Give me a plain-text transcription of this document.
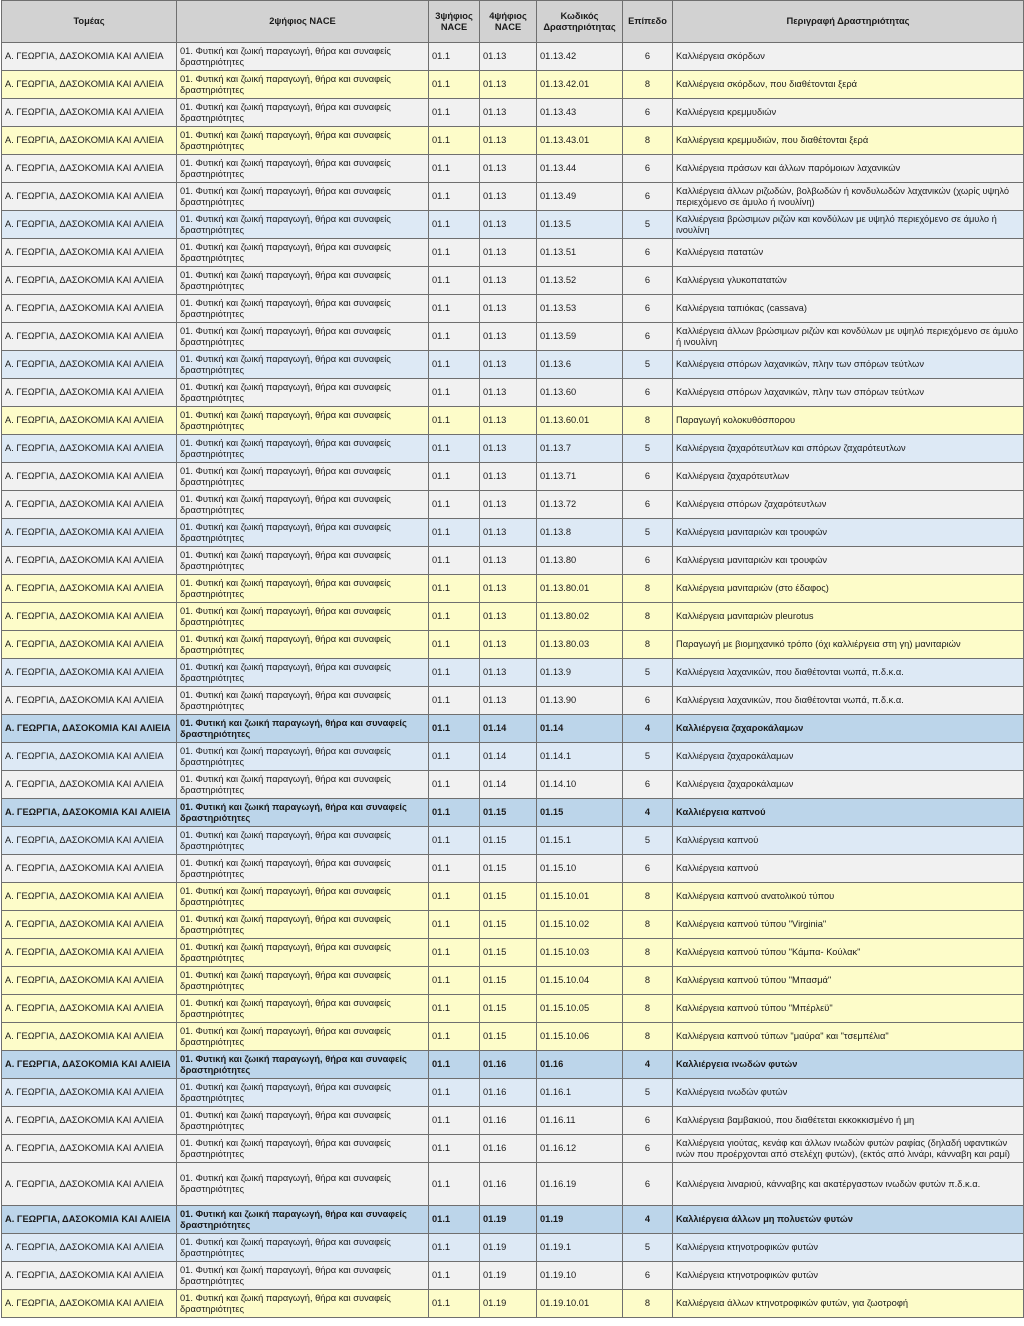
Τομέας	2ψήφιος NACE	3ψήφιος NACE	4ψήφιος NACE	Κωδικός Δραστηριότητας	Επίπεδο	Περιγραφή Δραστηριότητας
Α. ΓΕΩΡΓΙΑ, ΔΑΣΟΚΟΜΙΑ ΚΑΙ ΑΛΙΕΙΑ	01. Φυτική και ζωική παραγωγή, θήρα και συναφείς δραστηριότητες	01.1	01.13	01.13.42	6	Καλλιέργεια σκόρδων
Α. ΓΕΩΡΓΙΑ, ΔΑΣΟΚΟΜΙΑ ΚΑΙ ΑΛΙΕΙΑ	01. Φυτική και ζωική παραγωγή, θήρα και συναφείς δραστηριότητες	01.1	01.13	01.13.42.01	8	Καλλιέργεια σκόρδων, που διαθέτονται ξερά
Α. ΓΕΩΡΓΙΑ, ΔΑΣΟΚΟΜΙΑ ΚΑΙ ΑΛΙΕΙΑ	01. Φυτική και ζωική παραγωγή, θήρα και συναφείς δραστηριότητες	01.1	01.13	01.13.43	6	Καλλιέργεια κρεμμυδιών
Α. ΓΕΩΡΓΙΑ, ΔΑΣΟΚΟΜΙΑ ΚΑΙ ΑΛΙΕΙΑ	01. Φυτική και ζωική παραγωγή, θήρα και συναφείς δραστηριότητες	01.1	01.13	01.13.43.01	8	Καλλιέργεια κρεμμυδιών, που διαθέτονται ξερά
Α. ΓΕΩΡΓΙΑ, ΔΑΣΟΚΟΜΙΑ ΚΑΙ ΑΛΙΕΙΑ	01. Φυτική και ζωική παραγωγή, θήρα και συναφείς δραστηριότητες	01.1	01.13	01.13.44	6	Καλλιέργεια πράσων και άλλων παρόμοιων λαχανικών
Α. ΓΕΩΡΓΙΑ, ΔΑΣΟΚΟΜΙΑ ΚΑΙ ΑΛΙΕΙΑ	01. Φυτική και ζωική παραγωγή, θήρα και συναφείς δραστηριότητες	01.1	01.13	01.13.49	6	Καλλιέργεια άλλων ριζωδών, βολβωδών ή κονδυλωδών λαχανικών (χωρίς υψηλό περιεχόμενο σε άμυλο ή ινουλίνη)
Α. ΓΕΩΡΓΙΑ, ΔΑΣΟΚΟΜΙΑ ΚΑΙ ΑΛΙΕΙΑ	01. Φυτική και ζωική παραγωγή, θήρα και συναφείς δραστηριότητες	01.1	01.13	01.13.5	5	Καλλιέργεια βρώσιμων ριζών και κονδύλων με υψηλό περιεχόμενο σε άμυλο ή ινουλίνη
Α. ΓΕΩΡΓΙΑ, ΔΑΣΟΚΟΜΙΑ ΚΑΙ ΑΛΙΕΙΑ	01. Φυτική και ζωική παραγωγή, θήρα και συναφείς δραστηριότητες	01.1	01.13	01.13.51	6	Καλλιέργεια πατατών
Α. ΓΕΩΡΓΙΑ, ΔΑΣΟΚΟΜΙΑ ΚΑΙ ΑΛΙΕΙΑ	01. Φυτική και ζωική παραγωγή, θήρα και συναφείς δραστηριότητες	01.1	01.13	01.13.52	6	Καλλιέργεια γλυκοπατατών
Α. ΓΕΩΡΓΙΑ, ΔΑΣΟΚΟΜΙΑ ΚΑΙ ΑΛΙΕΙΑ	01. Φυτική και ζωική παραγωγή, θήρα και συναφείς δραστηριότητες	01.1	01.13	01.13.53	6	Καλλιέργεια ταπιόκας (cassava)
Α. ΓΕΩΡΓΙΑ, ΔΑΣΟΚΟΜΙΑ ΚΑΙ ΑΛΙΕΙΑ	01. Φυτική και ζωική παραγωγή, θήρα και συναφείς δραστηριότητες	01.1	01.13	01.13.59	6	Καλλιέργεια άλλων βρώσιμων ριζών και κονδύλων με υψηλό περιεχόμενο σε άμυλο ή ινουλίνη
Α. ΓΕΩΡΓΙΑ, ΔΑΣΟΚΟΜΙΑ ΚΑΙ ΑΛΙΕΙΑ	01. Φυτική και ζωική παραγωγή, θήρα και συναφείς δραστηριότητες	01.1	01.13	01.13.6	5	Καλλιέργεια σπόρων λαχανικών, πλην των σπόρων τεύτλων
Α. ΓΕΩΡΓΙΑ, ΔΑΣΟΚΟΜΙΑ ΚΑΙ ΑΛΙΕΙΑ	01. Φυτική και ζωική παραγωγή, θήρα και συναφείς δραστηριότητες	01.1	01.13	01.13.60	6	Καλλιέργεια σπόρων λαχανικών, πλην των σπόρων τεύτλων
Α. ΓΕΩΡΓΙΑ, ΔΑΣΟΚΟΜΙΑ ΚΑΙ ΑΛΙΕΙΑ	01. Φυτική και ζωική παραγωγή, θήρα και συναφείς δραστηριότητες	01.1	01.13	01.13.60.01	8	Παραγωγή κολοκυθόσπορου
Α. ΓΕΩΡΓΙΑ, ΔΑΣΟΚΟΜΙΑ ΚΑΙ ΑΛΙΕΙΑ	01. Φυτική και ζωική παραγωγή, θήρα και συναφείς δραστηριότητες	01.1	01.13	01.13.7	5	Καλλιέργεια ζαχαρότευτλων και σπόρων ζαχαρότευτλων
Α. ΓΕΩΡΓΙΑ, ΔΑΣΟΚΟΜΙΑ ΚΑΙ ΑΛΙΕΙΑ	01. Φυτική και ζωική παραγωγή, θήρα και συναφείς δραστηριότητες	01.1	01.13	01.13.71	6	Καλλιέργεια ζαχαρότευτλων
Α. ΓΕΩΡΓΙΑ, ΔΑΣΟΚΟΜΙΑ ΚΑΙ ΑΛΙΕΙΑ	01. Φυτική και ζωική παραγωγή, θήρα και συναφείς δραστηριότητες	01.1	01.13	01.13.72	6	Καλλιέργεια σπόρων ζαχαρότευτλων
Α. ΓΕΩΡΓΙΑ, ΔΑΣΟΚΟΜΙΑ ΚΑΙ ΑΛΙΕΙΑ	01. Φυτική και ζωική παραγωγή, θήρα και συναφείς δραστηριότητες	01.1	01.13	01.13.8	5	Καλλιέργεια μανιταριών και τρουφών
Α. ΓΕΩΡΓΙΑ, ΔΑΣΟΚΟΜΙΑ ΚΑΙ ΑΛΙΕΙΑ	01. Φυτική και ζωική παραγωγή, θήρα και συναφείς δραστηριότητες	01.1	01.13	01.13.80	6	Καλλιέργεια μανιταριών και τρουφών
Α. ΓΕΩΡΓΙΑ, ΔΑΣΟΚΟΜΙΑ ΚΑΙ ΑΛΙΕΙΑ	01. Φυτική και ζωική παραγωγή, θήρα και συναφείς δραστηριότητες	01.1	01.13	01.13.80.01	8	Καλλιέργεια μανιταριών (στο έδαφος)
Α. ΓΕΩΡΓΙΑ, ΔΑΣΟΚΟΜΙΑ ΚΑΙ ΑΛΙΕΙΑ	01. Φυτική και ζωική παραγωγή, θήρα και συναφείς δραστηριότητες	01.1	01.13	01.13.80.02	8	Καλλιέργεια μανιταριών pleurotus
Α. ΓΕΩΡΓΙΑ, ΔΑΣΟΚΟΜΙΑ ΚΑΙ ΑΛΙΕΙΑ	01. Φυτική και ζωική παραγωγή, θήρα και συναφείς δραστηριότητες	01.1	01.13	01.13.80.03	8	Παραγωγή με βιομηχανικό τρόπο (όχι καλλιέργεια στη γη) μανιταριών
Α. ΓΕΩΡΓΙΑ, ΔΑΣΟΚΟΜΙΑ ΚΑΙ ΑΛΙΕΙΑ	01. Φυτική και ζωική παραγωγή, θήρα και συναφείς δραστηριότητες	01.1	01.13	01.13.9	5	Καλλιέργεια λαχανικών, που διαθέτονται νωπά, π.δ.κ.α.
Α. ΓΕΩΡΓΙΑ, ΔΑΣΟΚΟΜΙΑ ΚΑΙ ΑΛΙΕΙΑ	01. Φυτική και ζωική παραγωγή, θήρα και συναφείς δραστηριότητες	01.1	01.13	01.13.90	6	Καλλιέργεια λαχανικών, που διαθέτονται νωπά, π.δ.κ.α.
Α. ΓΕΩΡΓΙΑ, ΔΑΣΟΚΟΜΙΑ ΚΑΙ ΑΛΙΕΙΑ	01. Φυτική και ζωική παραγωγή, θήρα και συναφείς δραστηριότητες	01.1	01.14	01.14	4	Καλλιέργεια ζαχαροκάλαμων
Α. ΓΕΩΡΓΙΑ, ΔΑΣΟΚΟΜΙΑ ΚΑΙ ΑΛΙΕΙΑ	01. Φυτική και ζωική παραγωγή, θήρα και συναφείς δραστηριότητες	01.1	01.14	01.14.1	5	Καλλιέργεια ζαχαροκάλαμων
Α. ΓΕΩΡΓΙΑ, ΔΑΣΟΚΟΜΙΑ ΚΑΙ ΑΛΙΕΙΑ	01. Φυτική και ζωική παραγωγή, θήρα και συναφείς δραστηριότητες	01.1	01.14	01.14.10	6	Καλλιέργεια ζαχαροκάλαμων
Α. ΓΕΩΡΓΙΑ, ΔΑΣΟΚΟΜΙΑ ΚΑΙ ΑΛΙΕΙΑ	01. Φυτική και ζωική παραγωγή, θήρα και συναφείς δραστηριότητες	01.1	01.15	01.15	4	Καλλιέργεια καπνού
Α. ΓΕΩΡΓΙΑ, ΔΑΣΟΚΟΜΙΑ ΚΑΙ ΑΛΙΕΙΑ	01. Φυτική και ζωική παραγωγή, θήρα και συναφείς δραστηριότητες	01.1	01.15	01.15.1	5	Καλλιέργεια καπνού
Α. ΓΕΩΡΓΙΑ, ΔΑΣΟΚΟΜΙΑ ΚΑΙ ΑΛΙΕΙΑ	01. Φυτική και ζωική παραγωγή, θήρα και συναφείς δραστηριότητες	01.1	01.15	01.15.10	6	Καλλιέργεια καπνού
Α. ΓΕΩΡΓΙΑ, ΔΑΣΟΚΟΜΙΑ ΚΑΙ ΑΛΙΕΙΑ	01. Φυτική και ζωική παραγωγή, θήρα και συναφείς δραστηριότητες	01.1	01.15	01.15.10.01	8	Καλλιέργεια καπνού ανατολικού τύπου
Α. ΓΕΩΡΓΙΑ, ΔΑΣΟΚΟΜΙΑ ΚΑΙ ΑΛΙΕΙΑ	01. Φυτική και ζωική παραγωγή, θήρα και συναφείς δραστηριότητες	01.1	01.15	01.15.10.02	8	Καλλιέργεια καπνού τύπου "Virginia"
Α. ΓΕΩΡΓΙΑ, ΔΑΣΟΚΟΜΙΑ ΚΑΙ ΑΛΙΕΙΑ	01. Φυτική και ζωική παραγωγή, θήρα και συναφείς δραστηριότητες	01.1	01.15	01.15.10.03	8	Καλλιέργεια καπνού τύπου "Κάμπα- Κούλακ"
Α. ΓΕΩΡΓΙΑ, ΔΑΣΟΚΟΜΙΑ ΚΑΙ ΑΛΙΕΙΑ	01. Φυτική και ζωική παραγωγή, θήρα και συναφείς δραστηριότητες	01.1	01.15	01.15.10.04	8	Καλλιέργεια καπνού τύπου "Μπασμά"
Α. ΓΕΩΡΓΙΑ, ΔΑΣΟΚΟΜΙΑ ΚΑΙ ΑΛΙΕΙΑ	01. Φυτική και ζωική παραγωγή, θήρα και συναφείς δραστηριότητες	01.1	01.15	01.15.10.05	8	Καλλιέργεια καπνού τύπου "Μπέρλεϋ"
Α. ΓΕΩΡΓΙΑ, ΔΑΣΟΚΟΜΙΑ ΚΑΙ ΑΛΙΕΙΑ	01. Φυτική και ζωική παραγωγή, θήρα και συναφείς δραστηριότητες	01.1	01.15	01.15.10.06	8	Καλλιέργεια καπνού τύπων "μαύρα" και "τσεμπέλια"
Α. ΓΕΩΡΓΙΑ, ΔΑΣΟΚΟΜΙΑ ΚΑΙ ΑΛΙΕΙΑ	01. Φυτική και ζωική παραγωγή, θήρα και συναφείς δραστηριότητες	01.1	01.16	01.16	4	Καλλιέργεια ινωδών φυτών
Α. ΓΕΩΡΓΙΑ, ΔΑΣΟΚΟΜΙΑ ΚΑΙ ΑΛΙΕΙΑ	01. Φυτική και ζωική παραγωγή, θήρα και συναφείς δραστηριότητες	01.1	01.16	01.16.1	5	Καλλιέργεια ινωδών φυτών
Α. ΓΕΩΡΓΙΑ, ΔΑΣΟΚΟΜΙΑ ΚΑΙ ΑΛΙΕΙΑ	01. Φυτική και ζωική παραγωγή, θήρα και συναφείς δραστηριότητες	01.1	01.16	01.16.11	6	Καλλιέργεια βαμβακιού, που διαθέτεται εκκοκκισμένο ή μη
Α. ΓΕΩΡΓΙΑ, ΔΑΣΟΚΟΜΙΑ ΚΑΙ ΑΛΙΕΙΑ	01. Φυτική και ζωική παραγωγή, θήρα και συναφείς δραστηριότητες	01.1	01.16	01.16.12	6	Καλλιέργεια γιούτας, κενάφ και άλλων ινωδών φυτών ραφίας (δηλαδή υφαντικών ινών που προέρχονται από στελέχη φυτών), (εκτός από λινάρι, κάνναβη και ραμί)
Α. ΓΕΩΡΓΙΑ, ΔΑΣΟΚΟΜΙΑ ΚΑΙ ΑΛΙΕΙΑ	01. Φυτική και ζωική παραγωγή, θήρα και συναφείς δραστηριότητες	01.1	01.16	01.16.19	6	Καλλιέργεια λιναριού, κάνναβης και ακατέργαστων ινωδών φυτών π.δ.κ.α.
Α. ΓΕΩΡΓΙΑ, ΔΑΣΟΚΟΜΙΑ ΚΑΙ ΑΛΙΕΙΑ	01. Φυτική και ζωική παραγωγή, θήρα και συναφείς δραστηριότητες	01.1	01.19	01.19	4	Καλλιέργεια άλλων μη πολυετών φυτών
Α. ΓΕΩΡΓΙΑ, ΔΑΣΟΚΟΜΙΑ ΚΑΙ ΑΛΙΕΙΑ	01. Φυτική και ζωική παραγωγή, θήρα και συναφείς δραστηριότητες	01.1	01.19	01.19.1	5	Καλλιέργεια κτηνοτροφικών φυτών
Α. ΓΕΩΡΓΙΑ, ΔΑΣΟΚΟΜΙΑ ΚΑΙ ΑΛΙΕΙΑ	01. Φυτική και ζωική παραγωγή, θήρα και συναφείς δραστηριότητες	01.1	01.19	01.19.10	6	Καλλιέργεια κτηνοτροφικών φυτών
Α. ΓΕΩΡΓΙΑ, ΔΑΣΟΚΟΜΙΑ ΚΑΙ ΑΛΙΕΙΑ	01. Φυτική και ζωική παραγωγή, θήρα και συναφείς δραστηριότητες	01.1	01.19	01.19.10.01	8	Καλλιέργεια άλλων κτηνοτροφικών φυτών, για ζωοτροφή
